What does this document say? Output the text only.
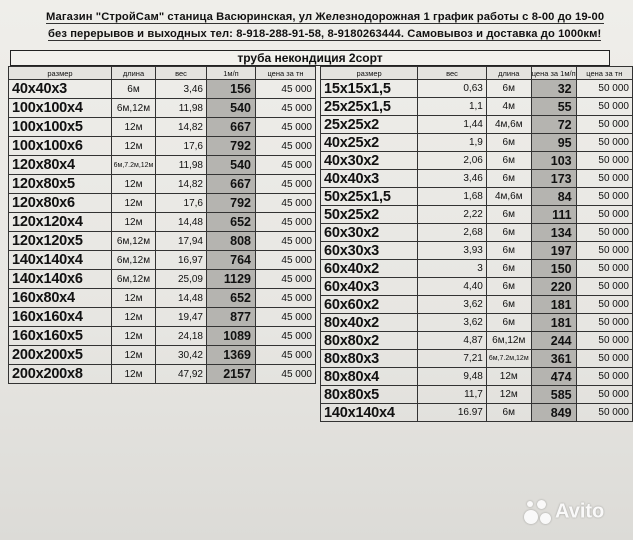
Магазин "СтройСам" станица Васюринская, ул Железнодорожная 1 график работы с 8-00 до 19-00
без перерывов и выходных тел: 8-918-288-91-58, 8-9180263444. Самовывоз и доставка до 1000км!
труба некондиция 2сорт
размер	длина	вес	1м/п	цена за тн
40x40x3	6м	3,46	156	45 000
100x100x4	6м,12м	11,98	540	45 000
100x100x5	12м	14,82	667	45 000
100x100x6	12м	17,6	792	45 000
120x80x4	6м,7.2м,12м	11,98	540	45 000
120x80x5	12м	14,82	667	45 000
120x80x6	12м	17,6	792	45 000
120x120x4	12м	14,48	652	45 000
120x120x5	6м,12м	17,94	808	45 000
140x140x4	6м,12м	16,97	764	45 000
140x140x6	6м,12м	25,09	1129	45 000
160x80x4	12м	14,48	652	45 000
160x160x4	12м	19,47	877	45 000
160x160x5	12м	24,18	1089	45 000
200x200x5	12м	30,42	1369	45 000
200x200x8	12м	47,92	2157	45 000
размер	вес	длина	цена за 1м/п	цена за тн
15x15x1,5	0,63	6м	32	50 000
25x25x1,5	1,1	4м	55	50 000
25x25x2	1,44	4м,6м	72	50 000
40x25x2	1,9	6м	95	50 000
40x30x2	2,06	6м	103	50 000
40x40x3	3,46	6м	173	50 000
50x25x1,5	1,68	4м,6м	84	50 000
50x25x2	2,22	6м	111	50 000
60x30x2	2,68	6м	134	50 000
60x30x3	3,93	6м	197	50 000
60x40x2	3	6м	150	50 000
60x40x3	4,40	6м	220	50 000
60x60x2	3,62	6м	181	50 000
80x40x2	3,62	6м	181	50 000
80x80x2	4,87	6м,12м	244	50 000
80x80x3	7,21	6м,7.2м,12м	361	50 000
80x80x4	9,48	12м	474	50 000
80x80x5	11,7	12м	585	50 000
140x140x4	16.97	6м	849	50 000
Avito
